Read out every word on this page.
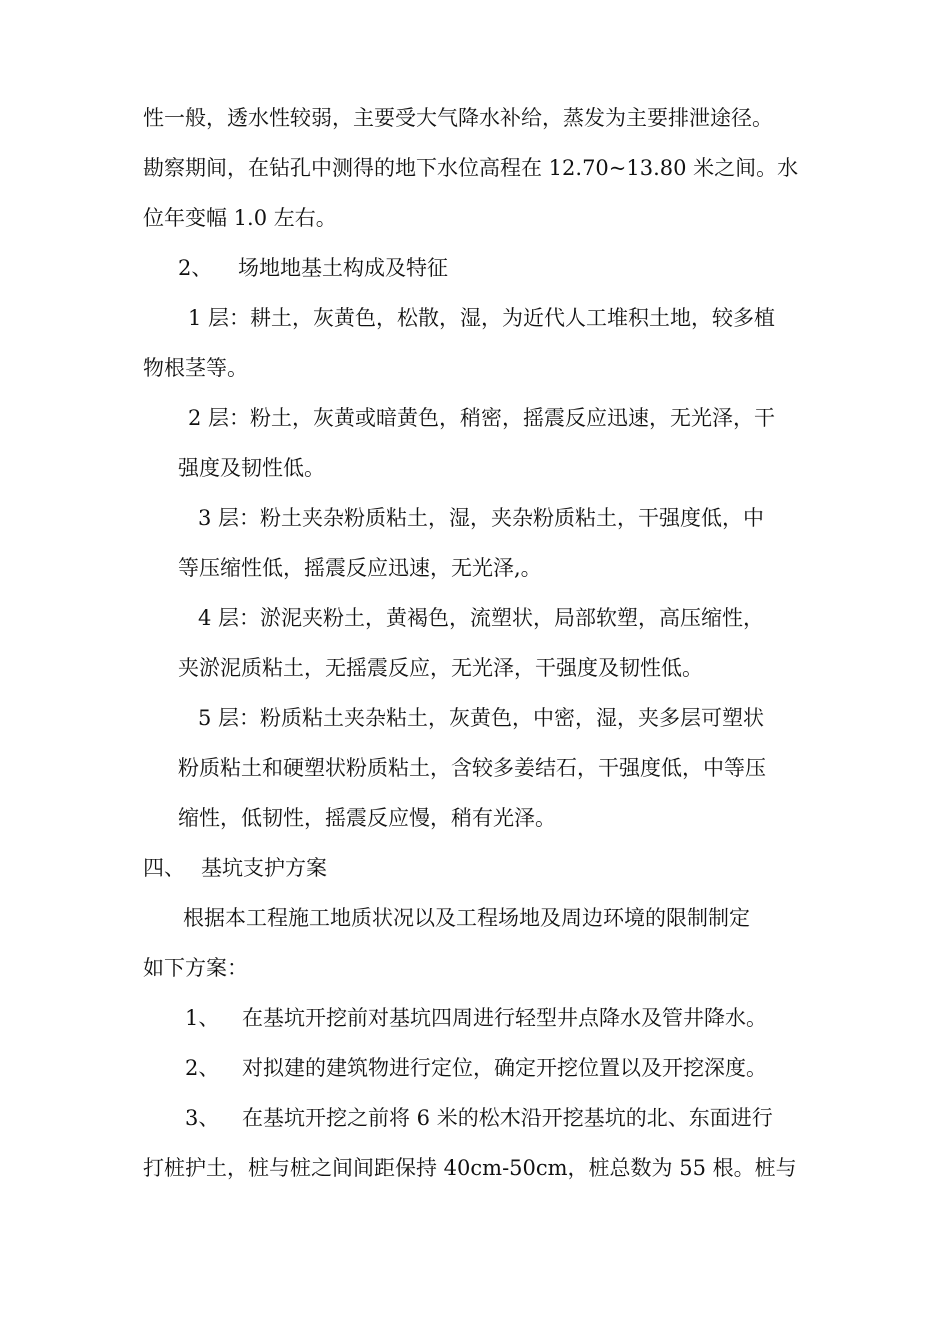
性一般，透水性较弱，主要受大气降水补给，蒸发为主要排泄途径。
勘察期间，在钻孔中测得的地下水位高程在 12.70~13.80 米之间。水
位年变幅 1.0 左右。
2、 场地地基土构成及特征
1 层：耕土，灰黄色，松散，湿，为近代人工堆积土地，较多植
物根茎等。
2 层：粉土，灰黄或暗黄色，稍密，摇震反应迅速，无光泽，干
强度及韧性低。
3 层：粉土夹杂粉质粘土，湿，夹杂粉质粘土，干强度低，中
等压缩性低，摇震反应迅速，无光泽,。
4 层：淤泥夹粉土，黄褐色，流塑状，局部软塑，高压缩性，
夹淤泥质粘土，无摇震反应，无光泽，干强度及韧性低。
5 层：粉质粘土夹杂粘土，灰黄色，中密，湿，夹多层可塑状
粉质粘土和硬塑状粉质粘土，含较多姜结石，干强度低，中等压
缩性，低韧性，摇震反应慢，稍有光泽。
四、 基坑支护方案
根据本工程施工地质状况以及工程场地及周边环境的限制制定
如下方案：
1、 在基坑开挖前对基坑四周进行轻型井点降水及管井降水。
2、 对拟建的建筑物进行定位，确定开挖位置以及开挖深度。
3、 在基坑开挖之前将 6 米的松木沿开挖基坑的北、东面进行
打桩护土，桩与桩之间间距保持 40cm-50cm，桩总数为 55 根。桩与
